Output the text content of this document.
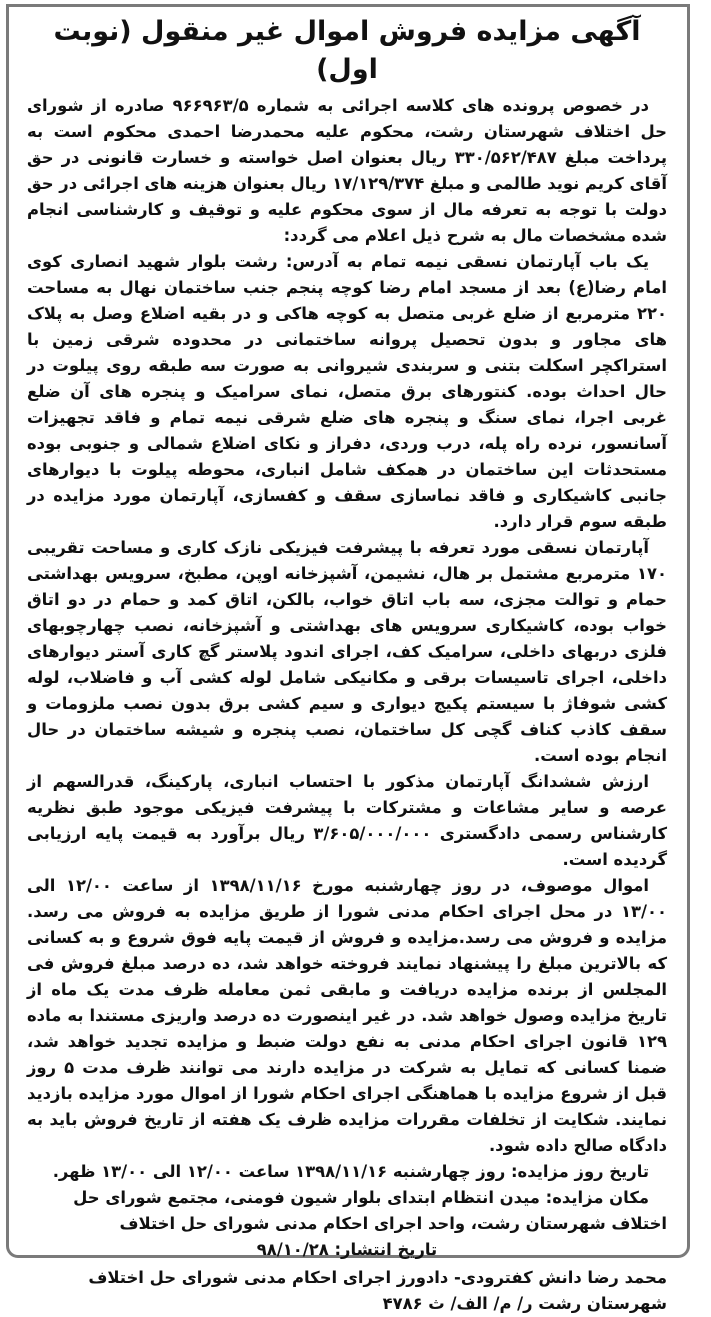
آگهی مزایده فروش اموال غیر منقول (نوبت اول)

در خصوص پرونده های کلاسه اجرائی به شماره ۹۶۶۹۶۳/۵ صادره از شورای حل اختلاف شهرستان رشت، محکوم علیه محمدرضا احمدی محکوم است به پرداخت مبلغ ۳۳۰/۵۶۲/۴۸۷ ریال بعنوان اصل خواسته و خسارت قانونی در حق آقای کریم نوید طالمی و مبلغ ۱۷/۱۲۹/۳۷۴ ریال بعنوان هزینه های اجرائی در حق دولت با توجه به تعرفه مال از سوی محکوم علیه و توقیف و کارشناسی انجام شده مشخصات مال به شرح ذیل اعلام می گردد:

یک باب آپارتمان نسقی نیمه تمام به آدرس: رشت بلوار شهید انصاری کوی امام رضا(ع) بعد از مسجد امام رضا کوچه پنجم جنب ساختمان نهال به مساحت ۲۲۰ مترمربع از ضلع غربی متصل به کوچه هاکی و در بقیه اضلاع وصل به پلاک های مجاور و بدون تحصیل پروانه ساختمانی در محدوده شرقی زمین با استراکچر اسکلت بتنی و سربندی شیروانی به صورت سه طبقه روی پیلوت در حال احداث بوده. کنتورهای برق متصل، نمای سرامیک و پنجره های آن ضلع غربی اجرا، نمای سنگ و پنجره های ضلع شرقی نیمه تمام و فاقد تجهیزات آسانسور، نرده راه پله، درب وردی، دفراز و نکای اضلاع شمالی و جنوبی بوده مستحدثات این ساختمان در همکف شامل انباری، محوطه پیلوت با دیوارهای جانبی کاشیکاری و فاقد نماسازی سقف و کفسازی، آپارتمان مورد مزایده در طبقه سوم قرار دارد.

آپارتمان نسقی مورد تعرفه با پیشرفت فیزیکی نازک کاری و مساحت تقریبی ۱۷۰ مترمربع مشتمل بر هال، نشیمن، آشپزخانه اوپن، مطبخ، سرویس بهداشتی حمام و توالت مجزی، سه باب اتاق خواب، بالکن، اتاق کمد و حمام در دو اتاق خواب بوده، کاشیکاری سرویس های بهداشتی و آشپزخانه، نصب چهارچوبهای فلزی دربهای داخلی، سرامیک کف، اجرای اندود پلاستر گچ کاری آستر دیوارهای داخلی، اجرای تاسیسات برقی و مکانیکی شامل لوله کشی آب و فاضلاب، لوله کشی شوفاژ با سیستم پکیج دیواری و سیم کشی برق بدون نصب ملزومات و سقف کاذب کناف گچی کل ساختمان، نصب پنجره و شیشه ساختمان در حال انجام بوده است.

ارزش ششدانگ آپارتمان مذکور با احتساب انباری، پارکینگ، قدرالسهم از عرصه و سایر مشاعات و مشترکات با پیشرفت فیزیکی موجود طبق نظریه کارشناس رسمی دادگستری ۳/۶۰۵/۰۰۰/۰۰۰ ریال برآورد به قیمت پایه ارزیابی گردیده است.

اموال موصوف، در روز چهارشنبه مورخ ۱۳۹۸/۱۱/۱۶ از ساعت ۱۲/۰۰ الی ۱۳/۰۰ در محل اجرای احکام مدنی شورا از طریق مزایده به فروش می رسد. مزایده و فروش می رسد.مزایده و فروش از قیمت پایه فوق شروع و به کسانی که بالاترین مبلغ را پیشنهاد نمایند فروخته خواهد شد، ده درصد مبلغ فروش فی المجلس از برنده مزایده دریافت و مابقی ثمن معامله ظرف مدت یک ماه از تاریخ مزایده وصول خواهد شد. در غیر اینصورت ده درصد واریزی مستندا به ماده ۱۲۹ قانون اجرای احکام مدنی به نفع دولت ضبط و مزایده تجدید خواهد شد، ضمنا کسانی که تمایل به شرکت در مزایده دارند می توانند ظرف مدت ۵ روز قبل از شروع مزایده با هماهنگی اجرای احکام شورا از اموال مورد مزایده بازدید نمایند. شکایت از تخلفات مقررات مزایده ظرف یک هفته از تاریخ فروش باید به دادگاه صالح داده شود.

تاریخ روز مزایده: روز چهارشنبه ۱۳۹۸/۱۱/۱۶ ساعت ۱۲/۰۰ الی ۱۳/۰۰ ظهر.

مکان مزایده: میدن انتظام ابتدای بلوار شیون فومنی، مجتمع شورای حل اختلاف شهرستان رشت، واحد اجرای احکام مدنی شورای حل اختلاف

تاریخ انتشار: ۹۸/۱۰/۲۸

محمد رضا دانش کفترودی- دادورز اجرای احکام مدنی شورای حل اختلاف شهرستان رشت ر/ م/ الف/ ث ۴۷۸۶
